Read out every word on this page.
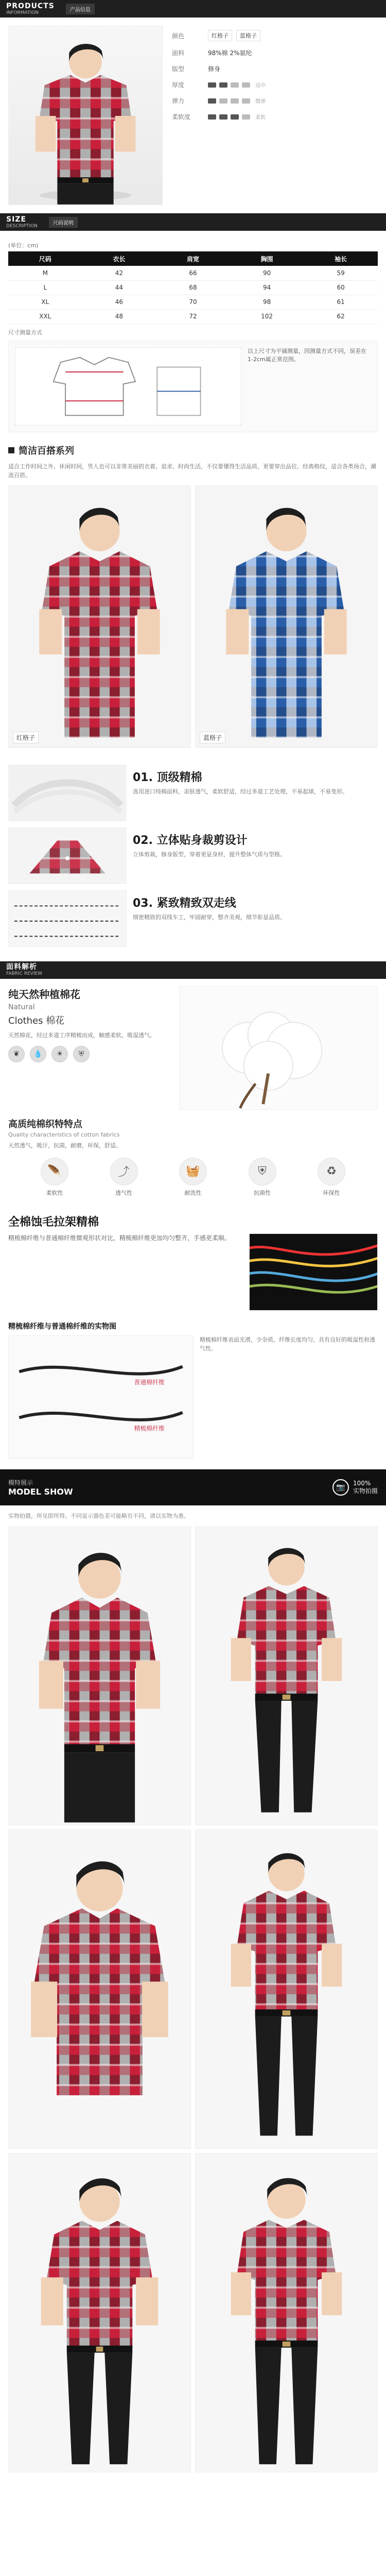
PRODUCTS
INFORMATION	产品信息
颜色	红格子	蓝格子
面料	98%棉 2%氨纶
版型	修身
厚度	适中
弹力	微弹
柔软度	柔软
SIZE
DESCRIPTION	尺码说明
(单位：cm)
尺码	衣长	肩宽	胸围	袖长
M	42	66	90	59
L	44	68	94	60
XL	46	70	98	61
XXL	48	72	102	62
尺寸测量方式
以上尺寸为平铺测量，因测量方式不同，误差在1-2cm属正常范围。
简洁百搭系列
适合工作时间之外，休闲时间，男人也可以非常美丽的衣着。追求、时尚生活，不仅要懂得生活品质，更要穿出品位。经典格纹，适合各类场合，潮流百搭。
红格子	蓝格子
01. 顶级精棉

选用进口纯棉面料，亲肤透气，柔软舒适，经过多道工艺处理，不易起球，不易变形。

02. 立体贴身裁剪设计

立体剪裁，修身版型，穿着更显身材，提升整体气质与型格。

03. 紧致精致双走线

细密精致的双线车工，牢固耐穿，整齐美观，细节彰显品质。

面料解析
FABRIC REVIEW
纯天然种植棉花
Natural
Clothes 棉花
天然棉花，经过多道工序精梳而成，触感柔软，吸湿透气。
❦	💧	☀	⛨
高质纯棉织特特点
Quality characteristics of cotton fabrics
天然透气，吸汗，抗菌，耐磨，环保，舒适。
🪶
柔软性
⤴
透气性
🧺
耐洗性
⛨
抗菌性
♻
环保性
全棉蚀毛拉架精棉
精梳棉纤维与普通棉纤维微观形状对比，精梳棉纤维更加均匀整齐，手感更柔顺。
精梳棉纤维与普通棉纤维的实物图
普通棉纤维
精梳棉纤维
精梳棉纤维表面光滑，少杂质，纤维长度均匀，具有良好的吸湿性和透气性。
模特展示
MODEL SHOW	📷	100%
实物拍摄
实物拍摄，所见即所得。不同显示器色差可能略有不同，请以实物为准。
